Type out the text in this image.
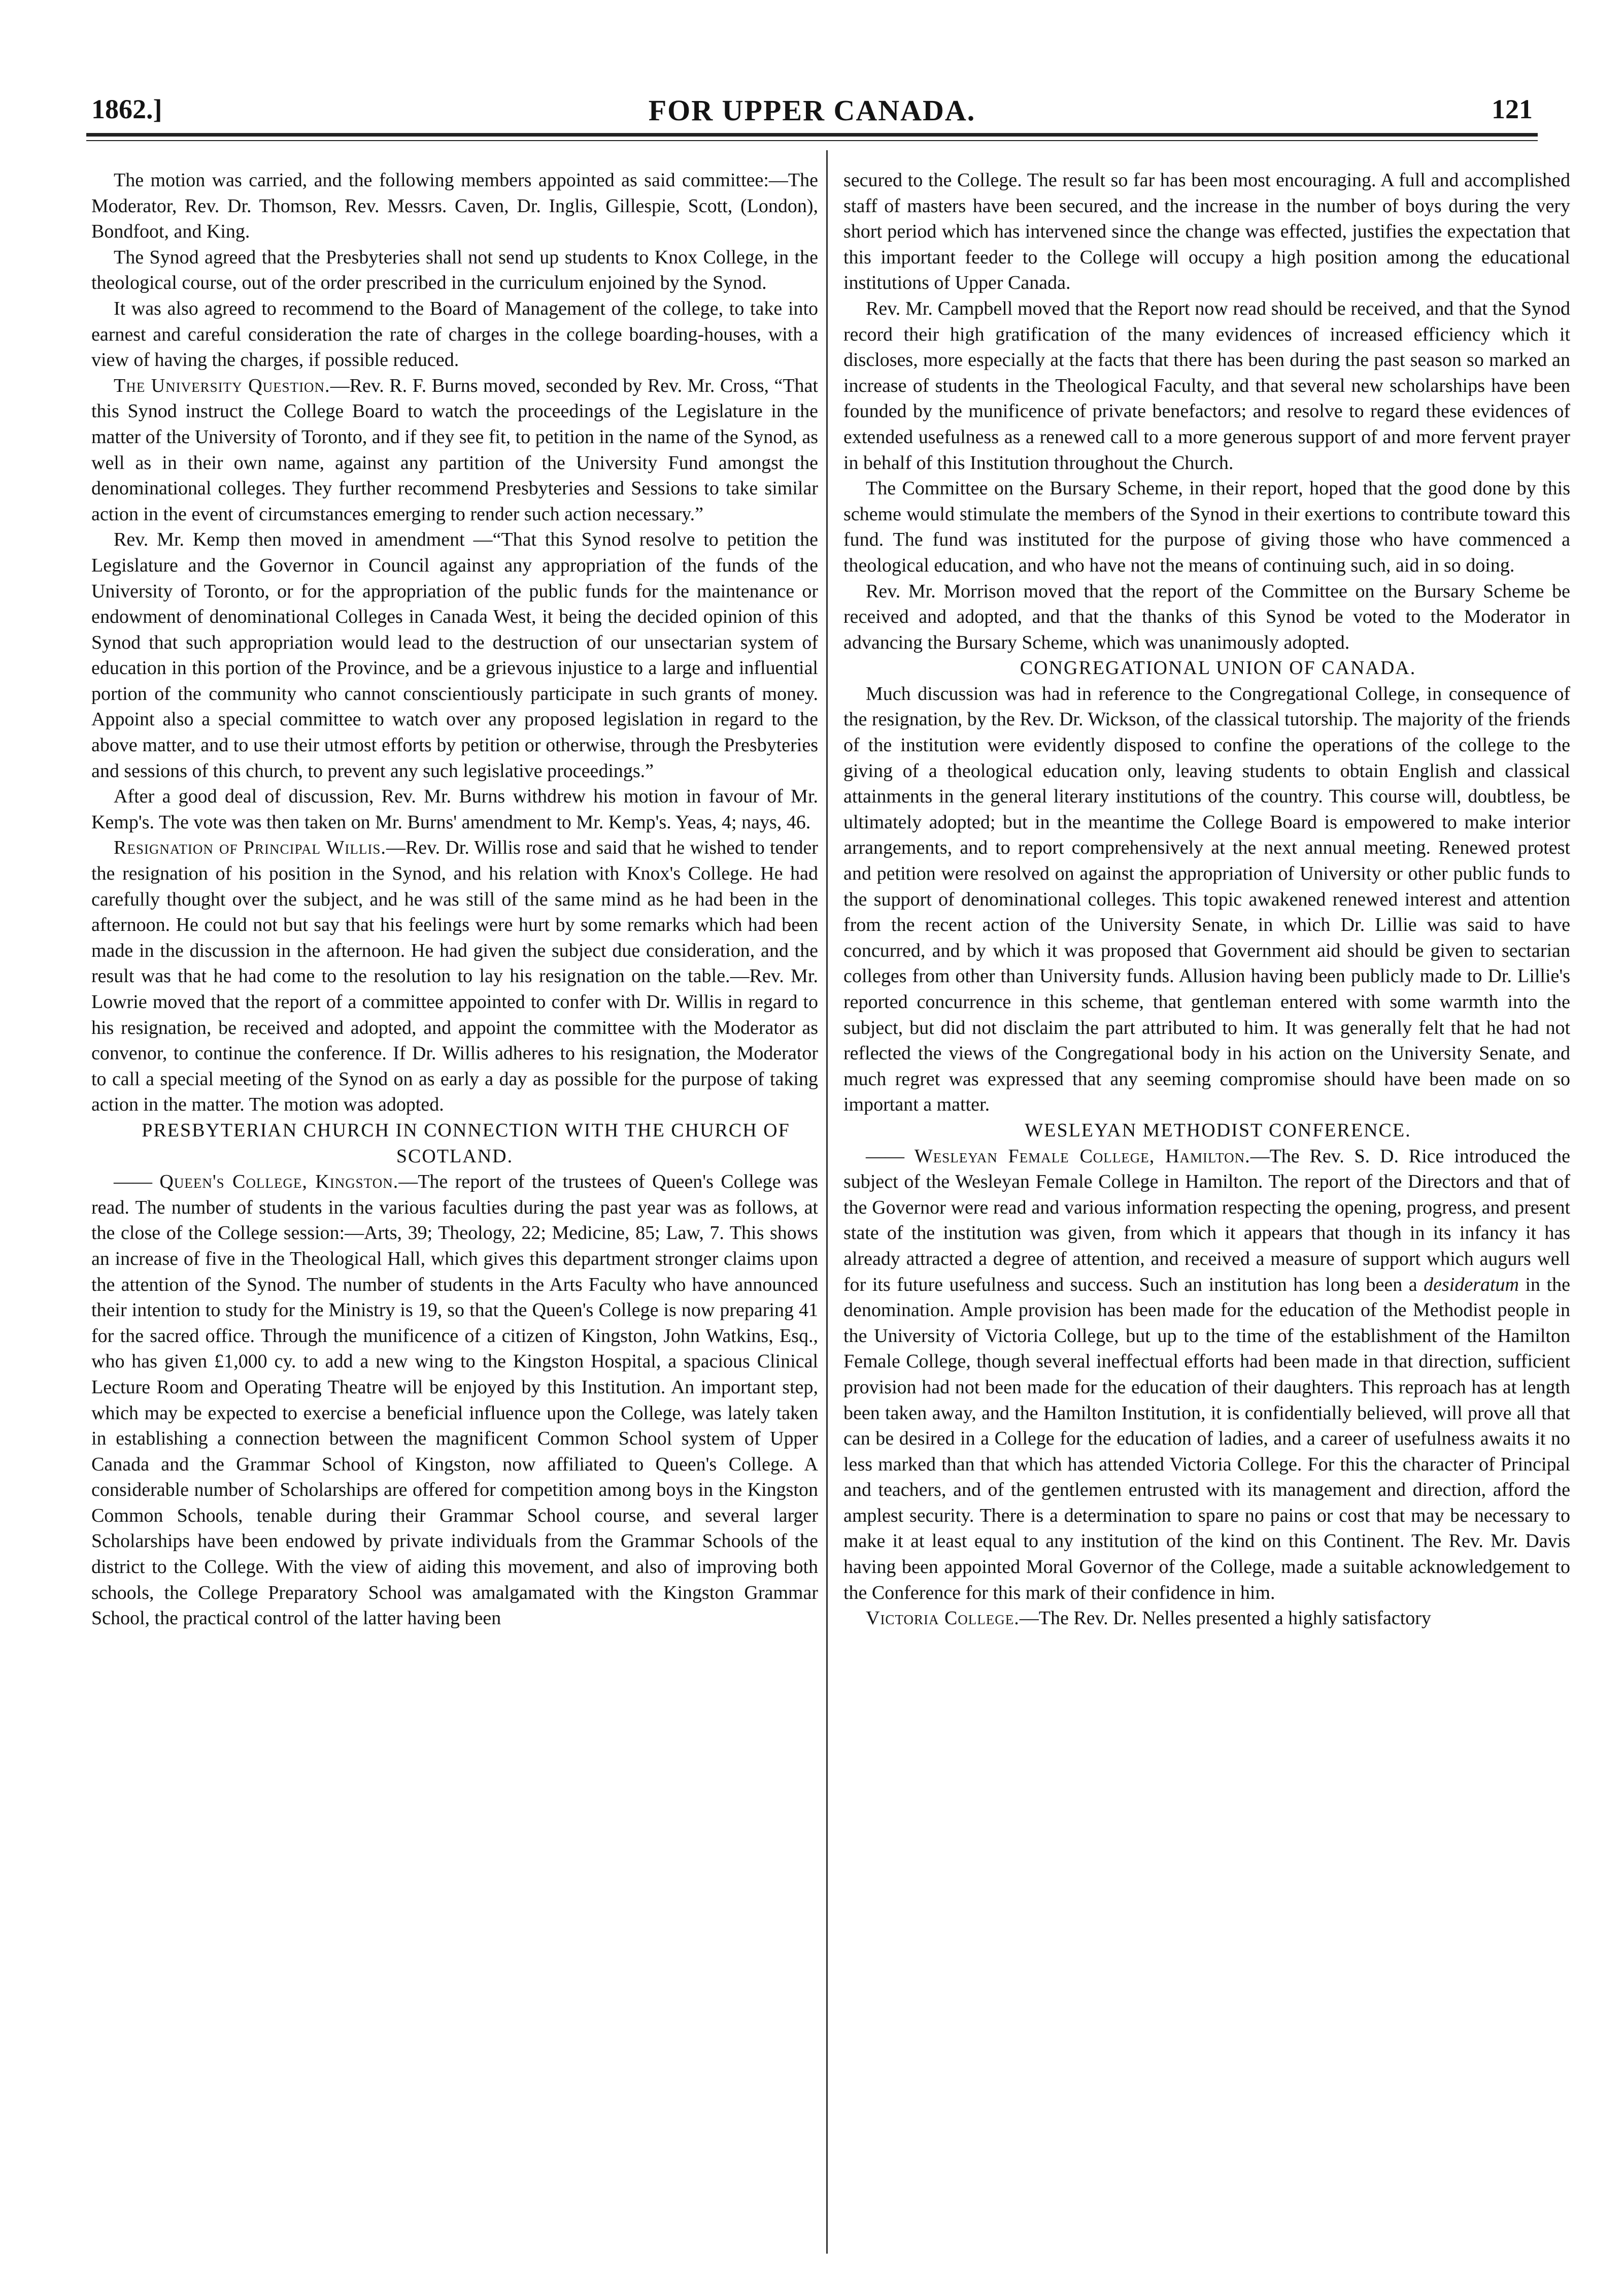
1862.]	FOR UPPER CANADA.	121

The motion was carried, and the following members appointed as said committee:—The Moderator, Rev. Dr. Thomson, Rev. Messrs. Caven, Dr. Inglis, Gillespie, Scott, (London), Bondfoot, and King.

The Synod agreed that the Presbyteries shall not send up students to Knox College, in the theological course, out of the order prescribed in the curriculum enjoined by the Synod.

It was also agreed to recommend to the Board of Management of the college, to take into earnest and careful consideration the rate of charges in the college boarding-houses, with a view of having the charges, if possible reduced.

The University Question.—Rev. R. F. Burns moved, seconded by Rev. Mr. Cross, “That this Synod instruct the College Board to watch the proceedings of the Legislature in the matter of the University of Toronto, and if they see fit, to petition in the name of the Synod, as well as in their own name, against any partition of the University Fund amongst the denominational colleges. They further recommend Presbyteries and Sessions to take similar action in the event of circumstances emerging to render such action necessary.”

Rev. Mr. Kemp then moved in amendment —“That this Synod resolve to petition the Legislature and the Governor in Council against any appropriation of the funds of the University of Toronto, or for the appropriation of the public funds for the maintenance or endowment of denominational Colleges in Canada West, it being the decided opinion of this Synod that such appropriation would lead to the destruction of our unsectarian system of education in this portion of the Province, and be a grievous injustice to a large and influential portion of the community who cannot conscientiously participate in such grants of money. Appoint also a special committee to watch over any proposed legislation in regard to the above matter, and to use their utmost efforts by petition or otherwise, through the Presbyteries and sessions of this church, to prevent any such legislative proceedings.”

After a good deal of discussion, Rev. Mr. Burns withdrew his motion in favour of Mr. Kemp's. The vote was then taken on Mr. Burns' amendment to Mr. Kemp's. Yeas, 4; nays, 46.

Resignation of Principal Willis.—Rev. Dr. Willis rose and said that he wished to tender the resignation of his position in the Synod, and his relation with Knox's College. He had carefully thought over the subject, and he was still of the same mind as he had been in the afternoon. He could not but say that his feelings were hurt by some remarks which had been made in the discussion in the afternoon. He had given the subject due consideration, and the result was that he had come to the resolution to lay his resignation on the table.—Rev. Mr. Lowrie moved that the report of a committee appointed to confer with Dr. Willis in regard to his resignation, be received and adopted, and appoint the committee with the Moderator as convenor, to continue the conference. If Dr. Willis adheres to his resignation, the Moderator to call a special meeting of the Synod on as early a day as possible for the purpose of taking action in the matter. The motion was adopted.

PRESBYTERIAN CHURCH IN CONNECTION WITH THE CHURCH OF SCOTLAND.

—— Queen's College, Kingston.—The report of the trustees of Queen's College was read. The number of students in the various faculties during the past year was as follows, at the close of the College session:—Arts, 39; Theology, 22; Medicine, 85; Law, 7. This shows an increase of five in the Theological Hall, which gives this department stronger claims upon the attention of the Synod. The number of students in the Arts Faculty who have announced their intention to study for the Ministry is 19, so that the Queen's College is now preparing 41 for the sacred office. Through the munificence of a citizen of Kingston, John Watkins, Esq., who has given £1,000 cy. to add a new wing to the Kingston Hospital, a spacious Clinical Lecture Room and Operating Theatre will be enjoyed by this Institution. An important step, which may be expected to exercise a beneficial influence upon the College, was lately taken in establishing a connection between the magnificent Common School system of Upper Canada and the Grammar School of Kingston, now affiliated to Queen's College. A considerable number of Scholarships are offered for competition among boys in the Kingston Common Schools, tenable during their Grammar School course, and several larger Scholarships have been endowed by private individuals from the Grammar Schools of the district to the College. With the view of aiding this movement, and also of improving both schools, the College Preparatory School was amalgamated with the Kingston Grammar School, the practical control of the latter having been

secured to the College. The result so far has been most encouraging. A full and accomplished staff of masters have been secured, and the increase in the number of boys during the very short period which has intervened since the change was effected, justifies the expectation that this important feeder to the College will occupy a high position among the educational institutions of Upper Canada.

Rev. Mr. Campbell moved that the Report now read should be received, and that the Synod record their high gratification of the many evidences of increased efficiency which it discloses, more especially at the facts that there has been during the past season so marked an increase of students in the Theological Faculty, and that several new scholarships have been founded by the munificence of private benefactors; and resolve to regard these evidences of extended usefulness as a renewed call to a more generous support of and more fervent prayer in behalf of this Institution throughout the Church.

The Committee on the Bursary Scheme, in their report, hoped that the good done by this scheme would stimulate the members of the Synod in their exertions to contribute toward this fund. The fund was instituted for the purpose of giving those who have commenced a theological education, and who have not the means of continuing such, aid in so doing.

Rev. Mr. Morrison moved that the report of the Committee on the Bursary Scheme be received and adopted, and that the thanks of this Synod be voted to the Moderator in advancing the Bursary Scheme, which was unanimously adopted.

CONGREGATIONAL UNION OF CANADA.

Much discussion was had in reference to the Congregational College, in consequence of the resignation, by the Rev. Dr. Wickson, of the classical tutorship. The majority of the friends of the institution were evidently disposed to confine the operations of the college to the giving of a theological education only, leaving students to obtain English and classical attainments in the general literary institutions of the country. This course will, doubtless, be ultimately adopted; but in the meantime the College Board is empowered to make interior arrangements, and to report comprehensively at the next annual meeting. Renewed protest and petition were resolved on against the appropriation of University or other public funds to the support of denominational colleges. This topic awakened renewed interest and attention from the recent action of the University Senate, in which Dr. Lillie was said to have concurred, and by which it was proposed that Government aid should be given to sectarian colleges from other than University funds. Allusion having been publicly made to Dr. Lillie's reported concurrence in this scheme, that gentleman entered with some warmth into the subject, but did not disclaim the part attributed to him. It was generally felt that he had not reflected the views of the Congregational body in his action on the University Senate, and much regret was expressed that any seeming compromise should have been made on so important a matter.

WESLEYAN METHODIST CONFERENCE.

—— Wesleyan Female College, Hamilton.—The Rev. S. D. Rice introduced the subject of the Wesleyan Female College in Hamilton. The report of the Directors and that of the Governor were read and various information respecting the opening, progress, and present state of the institution was given, from which it appears that though in its infancy it has already attracted a degree of attention, and received a measure of support which augurs well for its future usefulness and success. Such an institution has long been a desideratum in the denomination. Ample provision has been made for the education of the Methodist people in the University of Victoria College, but up to the time of the establishment of the Hamilton Female College, though several ineffectual efforts had been made in that direction, sufficient provision had not been made for the education of their daughters. This reproach has at length been taken away, and the Hamilton Institution, it is confidentially believed, will prove all that can be desired in a College for the education of ladies, and a career of usefulness awaits it no less marked than that which has attended Victoria College. For this the character of Principal and teachers, and of the gentlemen entrusted with its management and direction, afford the amplest security. There is a determination to spare no pains or cost that may be necessary to make it at least equal to any institution of the kind on this Continent. The Rev. Mr. Davis having been appointed Moral Governor of the College, made a suitable acknowledgement to the Conference for this mark of their confidence in him.

Victoria College.—The Rev. Dr. Nelles presented a highly satisfactory
